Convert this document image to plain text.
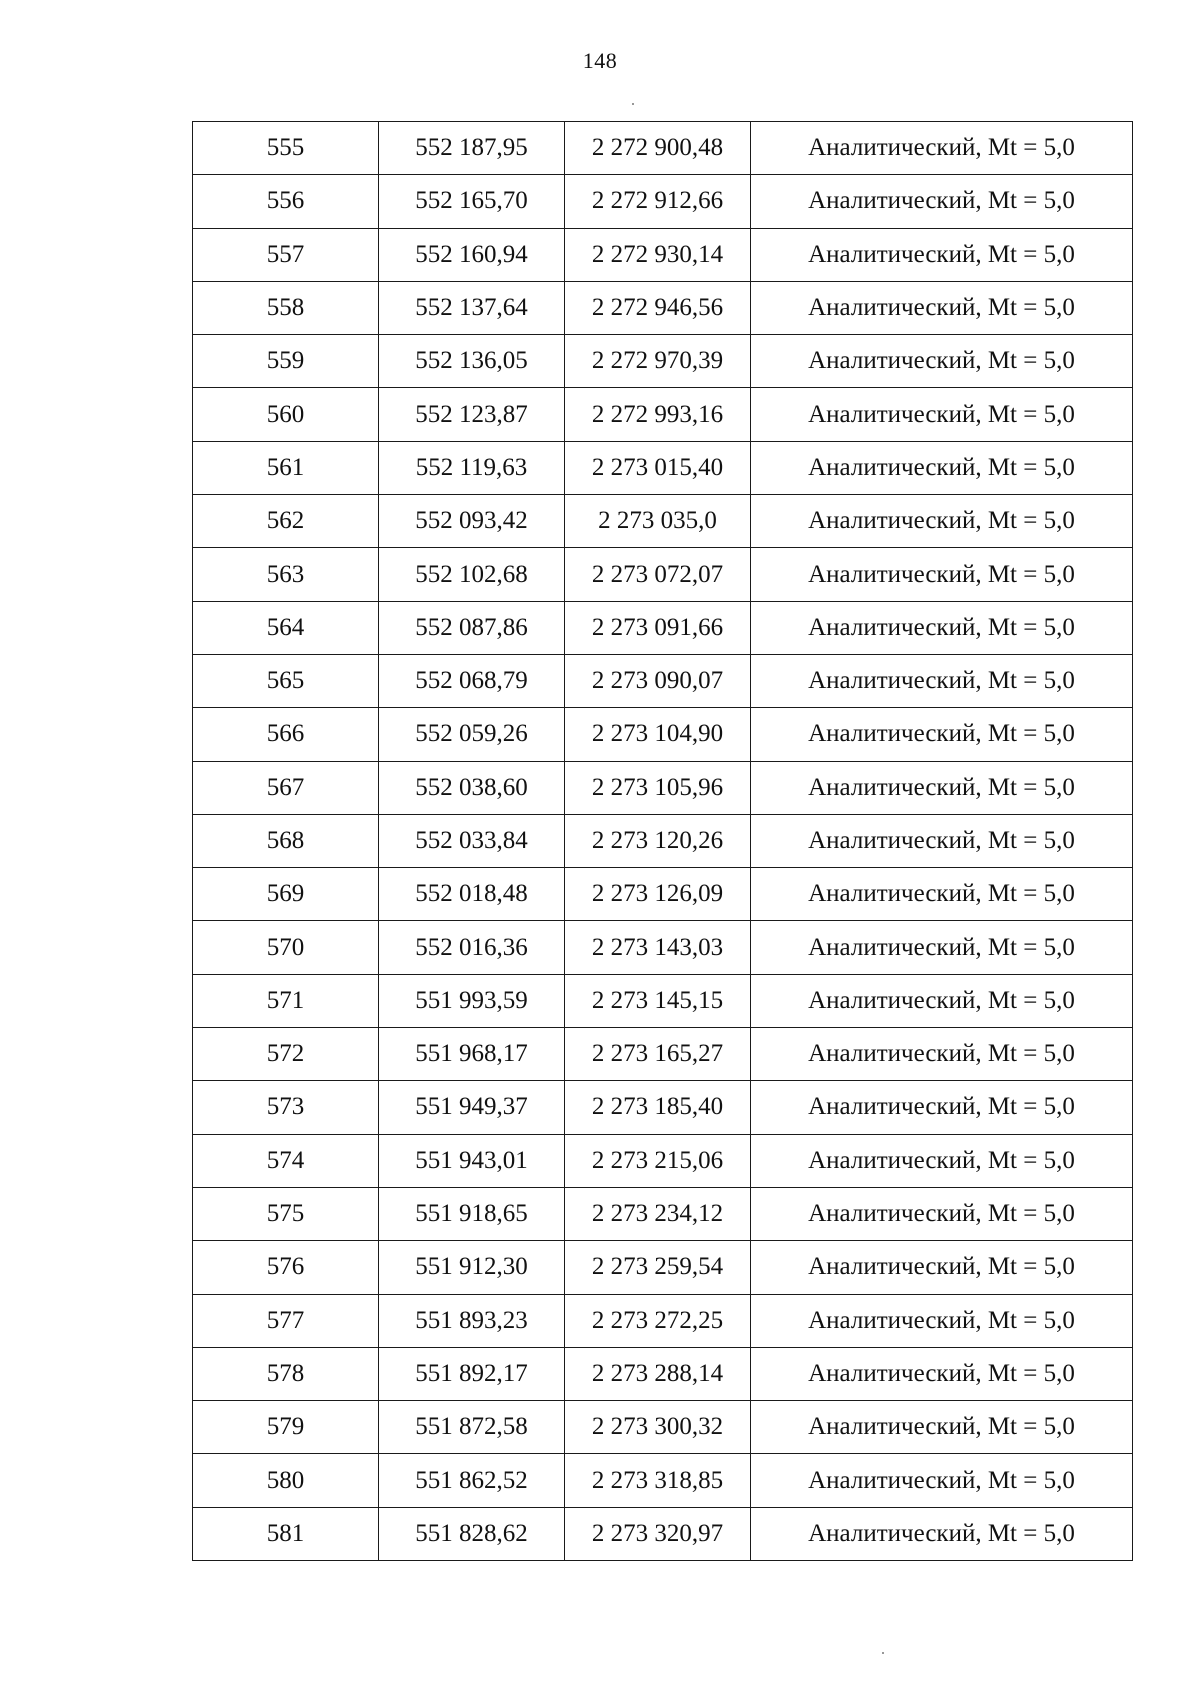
148
555	552 187,95	2 272 900,48	Аналитический, Mt = 5,0
556	552 165,70	2 272 912,66	Аналитический, Mt = 5,0
557	552 160,94	2 272 930,14	Аналитический, Mt = 5,0
558	552 137,64	2 272 946,56	Аналитический, Mt = 5,0
559	552 136,05	2 272 970,39	Аналитический, Mt = 5,0
560	552 123,87	2 272 993,16	Аналитический, Mt = 5,0
561	552 119,63	2 273 015,40	Аналитический, Mt = 5,0
562	552 093,42	2 273 035,0	Аналитический, Mt = 5,0
563	552 102,68	2 273 072,07	Аналитический, Mt = 5,0
564	552 087,86	2 273 091,66	Аналитический, Mt = 5,0
565	552 068,79	2 273 090,07	Аналитический, Mt = 5,0
566	552 059,26	2 273 104,90	Аналитический, Mt = 5,0
567	552 038,60	2 273 105,96	Аналитический, Mt = 5,0
568	552 033,84	2 273 120,26	Аналитический, Mt = 5,0
569	552 018,48	2 273 126,09	Аналитический, Mt = 5,0
570	552 016,36	2 273 143,03	Аналитический, Mt = 5,0
571	551 993,59	2 273 145,15	Аналитический, Mt = 5,0
572	551 968,17	2 273 165,27	Аналитический, Mt = 5,0
573	551 949,37	2 273 185,40	Аналитический, Mt = 5,0
574	551 943,01	2 273 215,06	Аналитический, Mt = 5,0
575	551 918,65	2 273 234,12	Аналитический, Mt = 5,0
576	551 912,30	2 273 259,54	Аналитический, Mt = 5,0
577	551 893,23	2 273 272,25	Аналитический, Mt = 5,0
578	551 892,17	2 273 288,14	Аналитический, Mt = 5,0
579	551 872,58	2 273 300,32	Аналитический, Mt = 5,0
580	551 862,52	2 273 318,85	Аналитический, Mt = 5,0
581	551 828,62	2 273 320,97	Аналитический, Mt = 5,0
